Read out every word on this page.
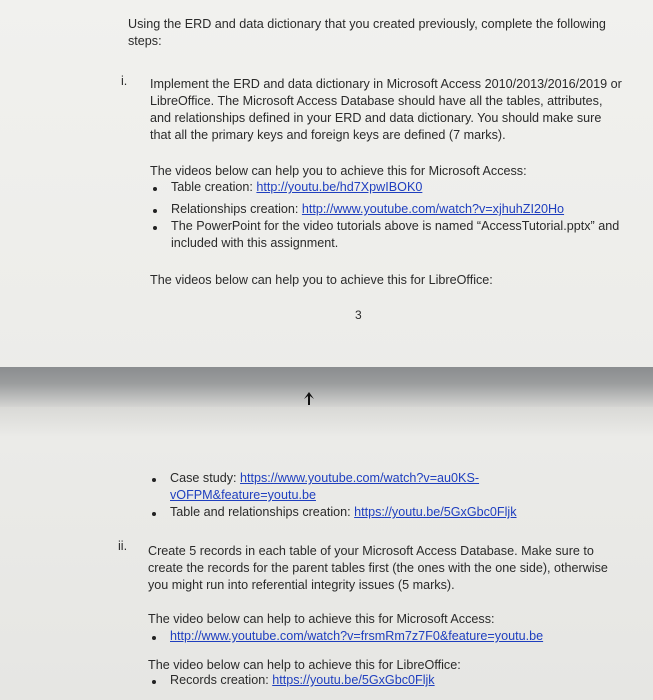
Using the ERD and data dictionary that you created previously, complete the following
steps:
i. Implement the ERD and data dictionary in Microsoft Access 2010/2013/2016/2019 or
LibreOffice. The Microsoft Access Database should have all the tables, attributes,
and relationships defined in your ERD and data dictionary. You should make sure
that all the primary keys and foreign keys are defined (7 marks).
The videos below can help you to achieve this for Microsoft Access:
Table creation: http://youtu.be/hd7XpwIBOK0
Relationships creation: http://www.youtube.com/watch?v=xjhuhZI20Ho
The PowerPoint for the video tutorials above is named “AccessTutorial.pptx” and
included with this assignment.
The videos below can help you to achieve this for LibreOffice:
3
Case study: https://www.youtube.com/watch?v=au0KS-
vOFPM&feature=youtu.be
Table and relationships creation: https://youtu.be/5GxGbc0Fljk
ii. Create 5 records in each table of your Microsoft Access Database. Make sure to
create the records for the parent tables first (the ones with the one side), otherwise
you might run into referential integrity issues (5 marks).
The video below can help to achieve this for Microsoft Access:
http://www.youtube.com/watch?v=frsmRm7z7F0&feature=youtu.be
The video below can help to achieve this for LibreOffice:
Records creation: https://youtu.be/5GxGbc0Fljk
